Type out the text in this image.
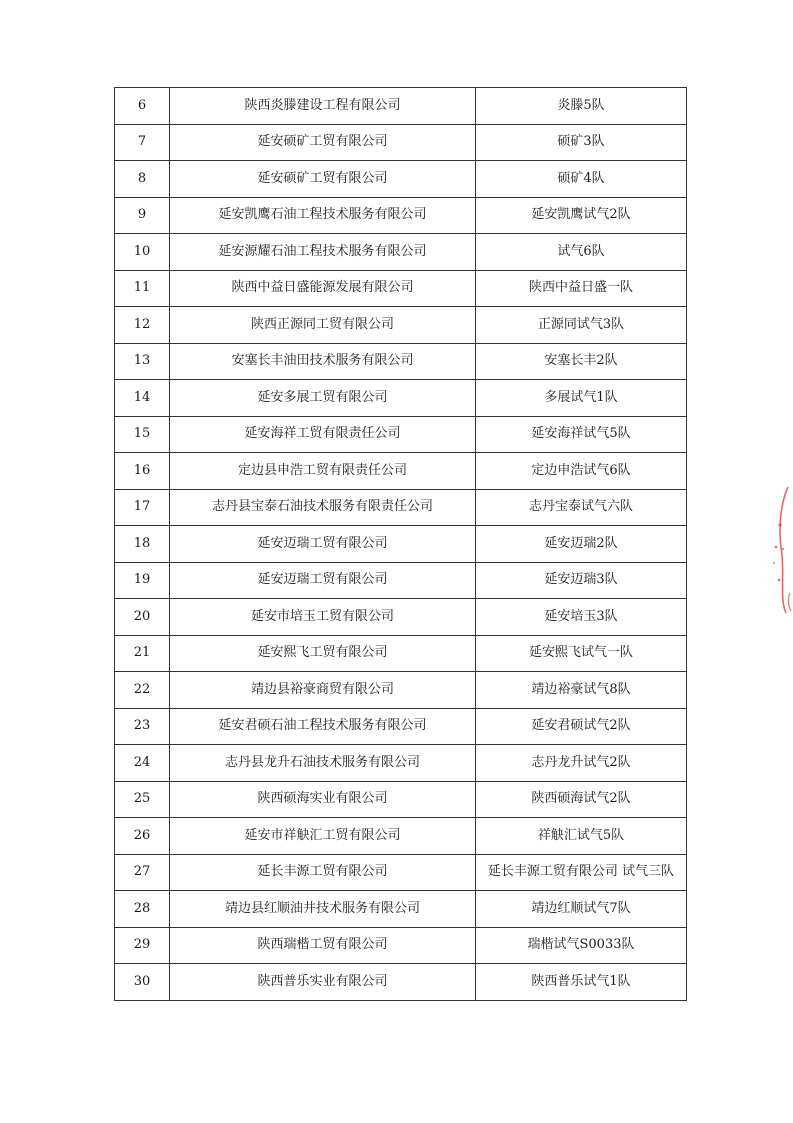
6	陕西炎滕建设工程有限公司	炎滕5队
7	延安硕矿工贸有限公司	硕矿3队
8	延安硕矿工贸有限公司	硕矿4队
9	延安凯鹰石油工程技术服务有限公司	延安凯鹰试气2队
10	延安源耀石油工程技术服务有限公司	试气6队
11	陕西中益日盛能源发展有限公司	陕西中益日盛一队
12	陕西正源同工贸有限公司	正源同试气3队
13	安塞长丰油田技术服务有限公司	安塞长丰2队
14	延安多展工贸有限公司	多展试气1队
15	延安海祥工贸有限责任公司	延安海祥试气5队
16	定边县申浩工贸有限责任公司	定边申浩试气6队
17	志丹县宝泰石油技术服务有限责任公司	志丹宝泰试气六队
18	延安迈瑞工贸有限公司	延安迈瑞2队
19	延安迈瑞工贸有限公司	延安迈瑞3队
20	延安市培玉工贸有限公司	延安培玉3队
21	延安熙飞工贸有限公司	延安熙飞试气一队
22	靖边县裕豪商贸有限公司	靖边裕豪试气8队
23	延安君硕石油工程技术服务有限公司	延安君硕试气2队
24	志丹县龙升石油技术服务有限公司	志丹龙升试气2队
25	陕西硕海实业有限公司	陕西硕海试气2队
26	延安市祥觖汇工贸有限公司	祥觖汇试气5队
27	延长丰源工贸有限公司	延长丰源工贸有限公司 试气三队
28	靖边县红顺油井技术服务有限公司	靖边红顺试气7队
29	陕西瑞楷工贸有限公司	瑞楷试气S0033队
30	陕西普乐实业有限公司	陕西普乐试气1队
